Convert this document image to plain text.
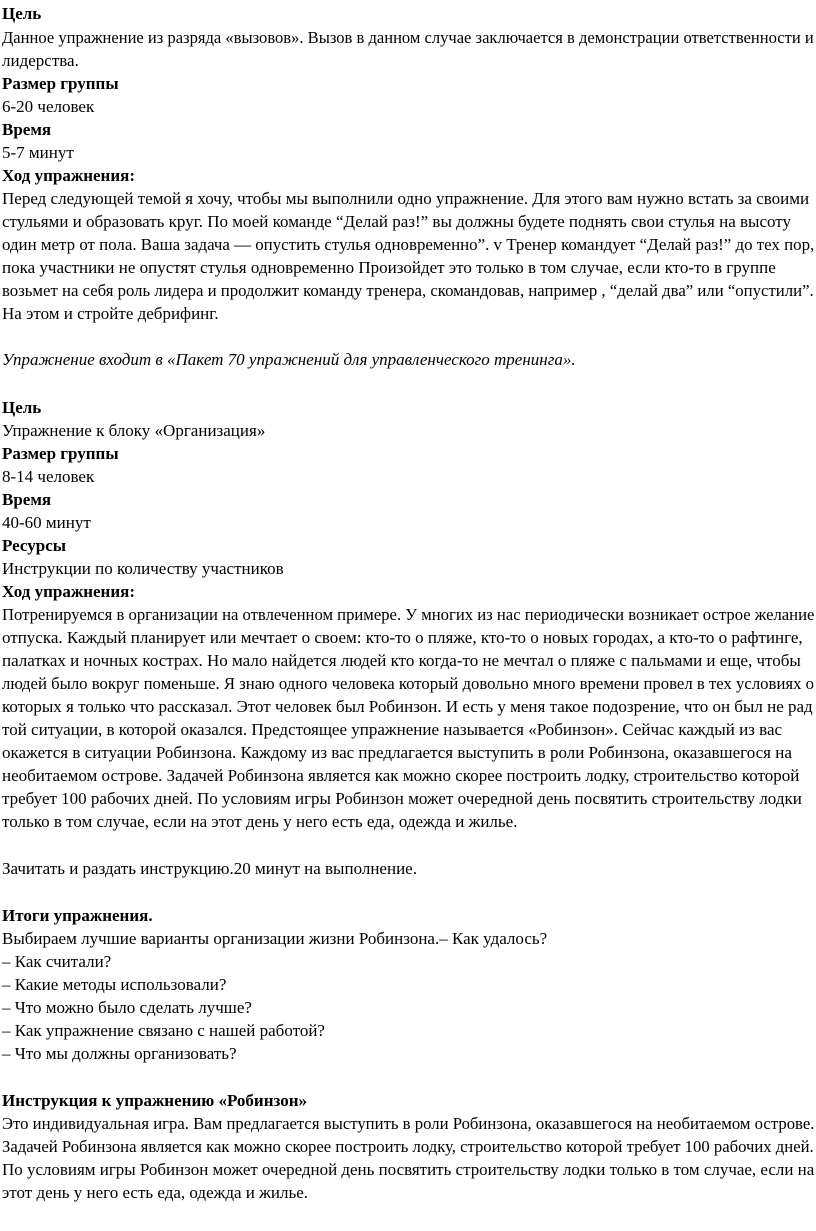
Цель
Данное упражнение из разряда «вызовов». Вызов в данном случае заключается в демонстрации ответственности и
лидерства.
Размер группы
6-20 человек
Время
5-7 минут
Ход упражнения:
Перед следующей темой я хочу, чтобы мы выполнили одно упражнение. Для этого вам нужно встать за своими
стульями и образовать круг. По моей команде “Делай раз!” вы должны будете поднять свои стулья на высоту
один метр от пола. Ваша задача — опустить стулья одновременно”. v Тренер командует “Делай раз!” до тех пор,
пока участники не опустят стулья одновременно Произойдет это только в том случае, если кто-то в группе
возьмет на себя роль лидера и продолжит команду тренера, скомандовав, например , “делай два” или “опустили”.
На этом и стройте дебрифинг.
Упражнение входит в «Пакет 70 упражнений для управленческого тренинга».
Цель
Упражнение к блоку «Организация»
Размер группы
8-14 человек
Время
40-60 минут
Ресурсы
Инструкции по количеству участников
Ход упражнения:
Потренируемся в организации на отвлеченном примере. У многих из нас периодически возникает острое желание
отпуска. Каждый планирует или мечтает о своем: кто-то о пляже, кто-то о новых городах, а кто-то о рафтинге,
палатках и ночных кострах. Но мало найдется людей кто когда-то не мечтал о пляже с пальмами и еще, чтобы
людей было вокруг поменьше. Я знаю одного человека который довольно много времени провел в тех условиях о
которых я только что рассказал. Этот человек был Робинзон. И есть у меня такое подозрение, что он был не рад
той ситуации, в которой оказался. Предстоящее упражнение называется «Робинзон». Сейчас каждый из вас
окажется в ситуации Робинзона. Каждому из вас предлагается выступить в роли Робинзона, оказавшегося на
необитаемом острове. Задачей Робинзона является как можно скорее построить лодку, строительство которой
требует 100 рабочих дней. По условиям игры Робинзон может очередной день посвятить строительству лодки
только в том случае, если на этот день у него есть еда, одежда и жилье.
Зачитать и раздать инструкцию.20 минут на выполнение.
Итоги упражнения.
Выбираем лучшие варианты организации жизни Робинзона.– Как удалось?
– Как считали?
– Какие методы использовали?
– Что можно было сделать лучше?
– Как упражнение связано с нашей работой?
– Что мы должны организовать?
Инструкция к упражнению «Робинзон»
Это индивидуальная игра. Вам предлагается выступить в роли Робинзона, оказавшегося на необитаемом острове.
Задачей Робинзона является как можно скорее построить лодку, строительство которой требует 100 рабочих дней.
По условиям игры Робинзон может очередной день посвятить строительству лодки только в том случае, если на
этот день у него есть еда, одежда и жилье.
